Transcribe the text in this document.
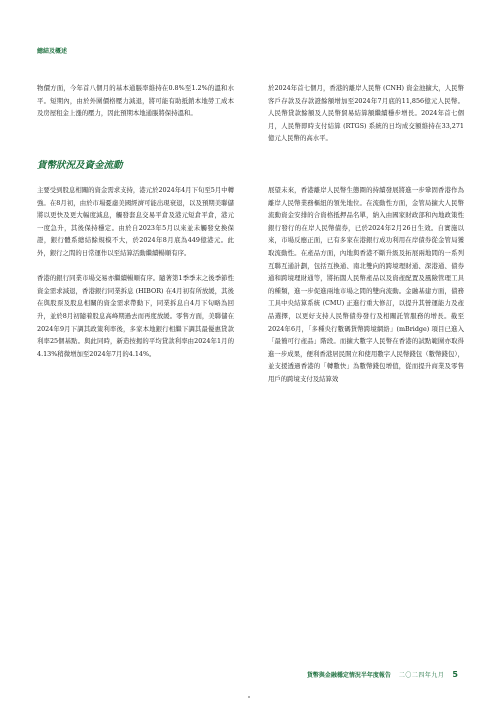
總結及概述

物價方面，今年首八個月的基本通脹率維持在0.8%至1.2%的溫和水平。短期內，由於外圍價格壓力減退，將可能有助抵銷本地勞工成本及房屋租金上漲的壓力，因此預期本地通脹將保持溫和。

於2024年首七個月，香港的離岸人民幣 (CNH) 資金池擴大，人民幣客戶存款及存款證餘額增加至2024年7月底的11,856億元人民幣。人民幣貸款餘額及人民幣貿易結算額繼續穩步增長。2024年首七個月，人民幣即時支付結算 (RTGS) 系統的日均成交額維持在33,271億元人民幣的高水平。

貨幣狀況及資金流動

主要受到股息相關的資金需求支持，港元於2024年4月下旬至5月中轉強。在8月初，由於市場憂慮美國經濟可能出現衰退，以及預期美聯儲將以更快及更大幅度減息，觸發套息交易平倉及港元短倉平倉，港元一度急升，其後保持穩定。由於自2023年5月以來並未觸發兌換保證，銀行體系總結餘規模不大，於2024年8月底為449億港元。此外，銀行之間的日常運作以至結算活動繼續暢順有序。

香港的銀行同業市場交易亦繼續暢順有序。隨著第1季季末之後季節性資金需求減退，香港銀行同業拆息 (HIBOR) 在4月初有所放緩，其後在與股票及股息相關的資金需求帶動下，同業拆息自4月下旬略為回升，並於8月初隨着股息高峰期過去而再度放緩。零售方面，美聯儲在2024年9月下調其政策利率後，多家本地銀行相繼下調其最優惠貸款利率25個基點。與此同時，新造按揭的平均貸款利率由2024年1月的4.13%稍微增加至2024年7月的4.14%。

展望未來，香港離岸人民幣生態圈的持續發展將進一步鞏固香港作為離岸人民幣業務樞紐的領先地位。在流動性方面，金管局擴大人民幣流動資金安排的合資格抵押品名單，納入由國家財政部和內地政策性銀行發行的在岸人民幣債券，已於2024年2月26日生效。自實施以來，市場反應正面，已有多家在港銀行成功利用在岸債券從金管局獲取流動性。在產品方面，內地與香港不斷升級及拓展兩地間的一系列互聯互通計劃，包括互換通、南北雙向的跨境理財通、深港通、債券通和跨境理財通等，將拓闊人民幣產品以及資產配置及風險管理工具的種類，進一步促進兩地市場之間的雙向流動。金融基建方面，債務工具中央結算系統 (CMU) 正進行重大修訂，以提升其營運能力及產品選擇，以更好支持人民幣債券發行及相關託管服務的增長。截至2024年6月，「多種央行數碼貨幣跨境網絡」(mBridge) 項目已進入「最簡可行產品」階段。而擴大數字人民幣在香港的試點範圍亦取得進一步成果，便利香港居民開立和使用數字人民幣錢包（數幣錢包），並支援透過香港的「轉數快」為數幣錢包增值，從而提升商業及零售用戶的跨境支付及結算效

貨幣與金融穩定情況半年度報告 二〇二四年九月 5
